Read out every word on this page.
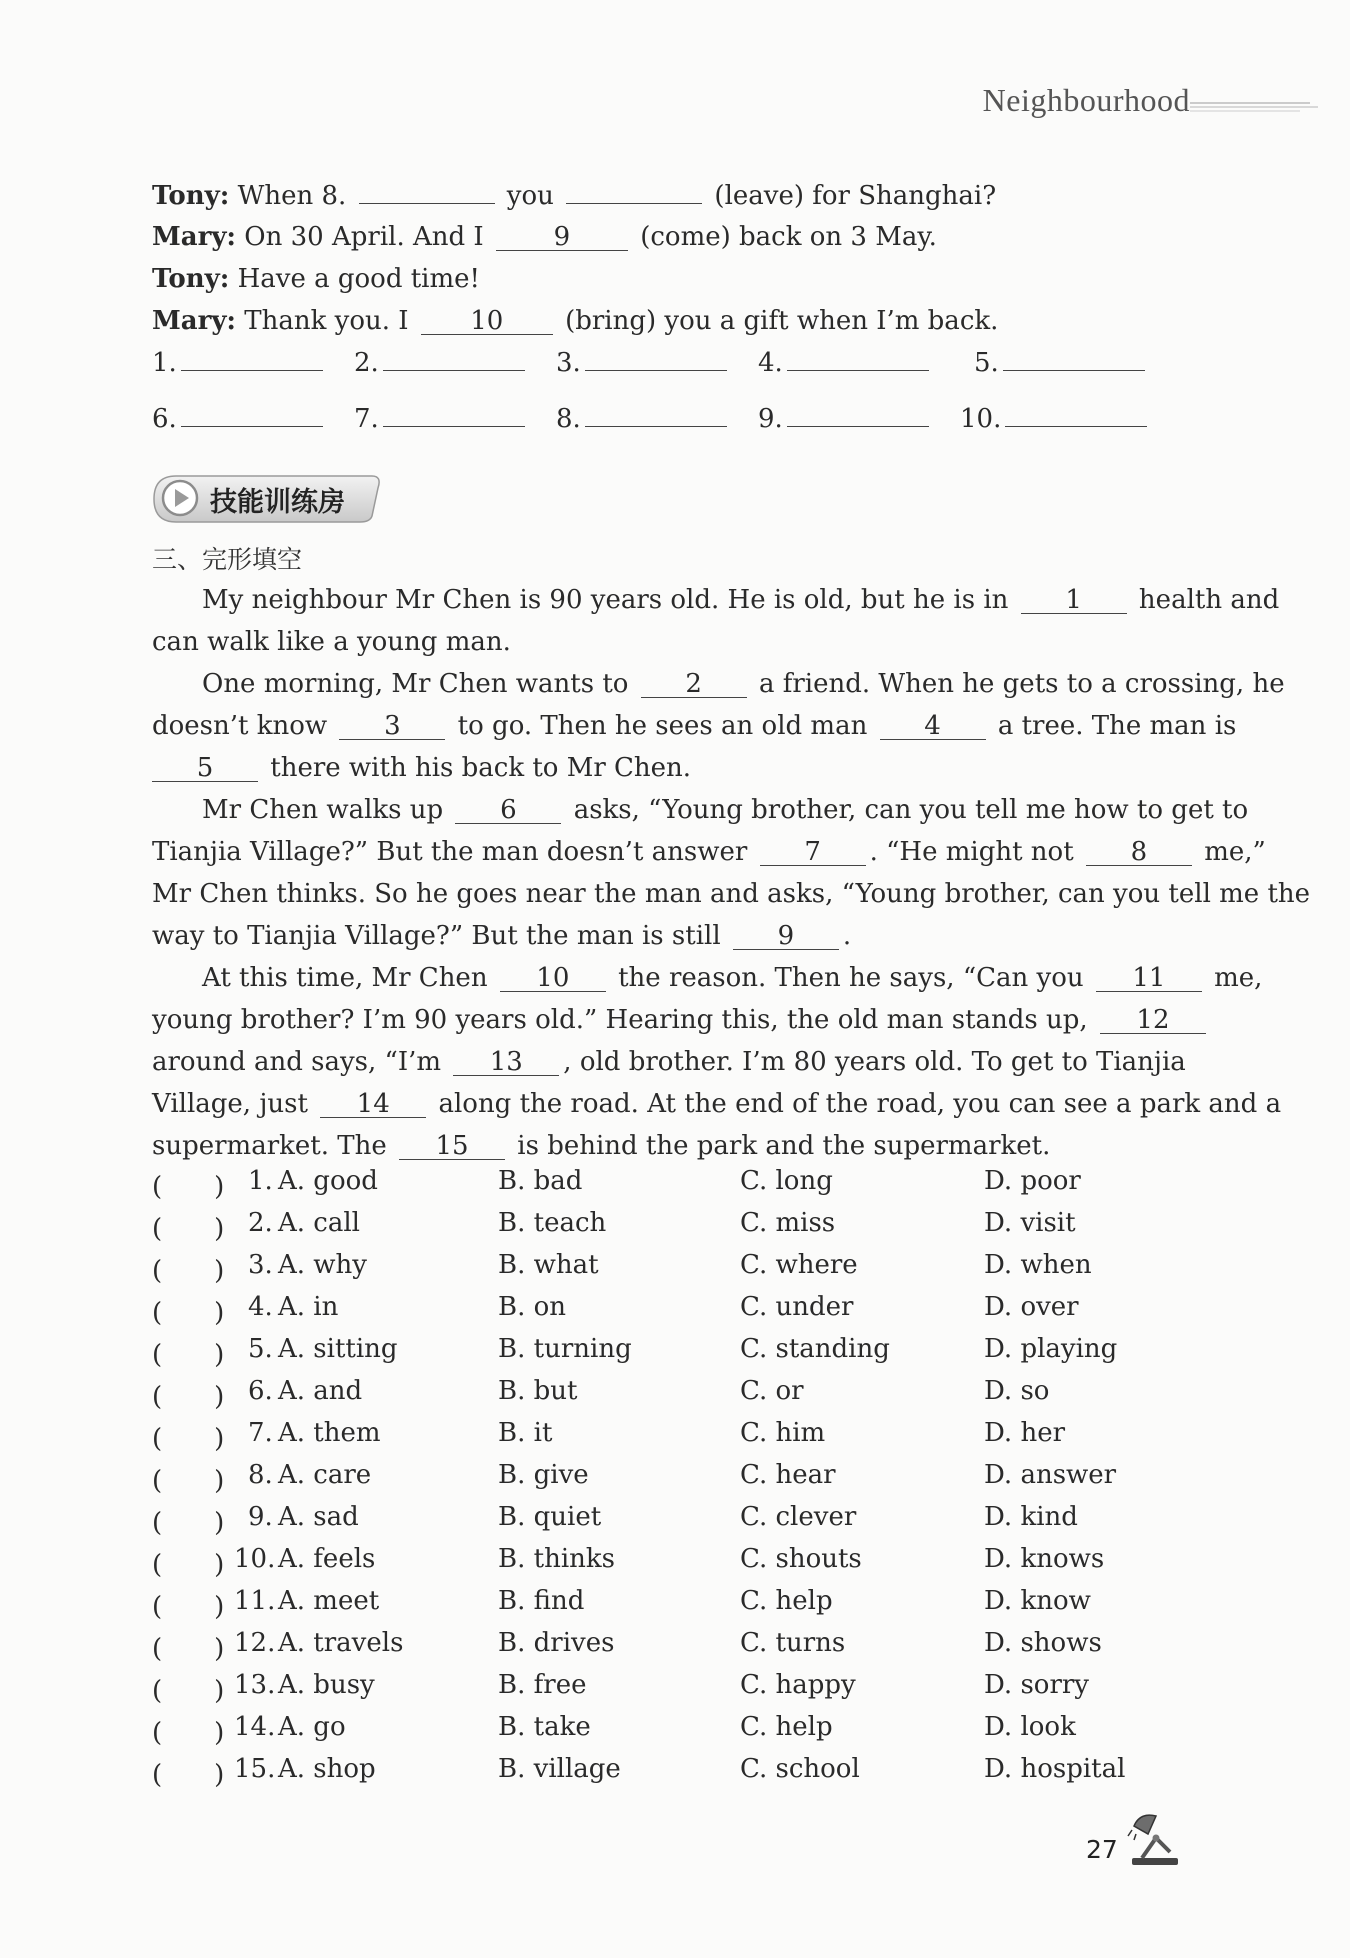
Neighbourhood
Tony: When 8.	you	(leave) for Shanghai?
Mary: On 30 April. And I 9 (come) back on 3 May.
Tony: Have a good time!
Mary: Thank you. I 10 (bring) you a gift when I’m back.
1.	2.	3.	4.	5.
6.	7.	8.	9.	10.
技能训练房
三、完形填空
My neighbour Mr Chen is 90 years old. He is old, but he is in 1 health and
can walk like a young man.
One morning, Mr Chen wants to 2 a friend. When he gets to a crossing, he
doesn’t know 3 to go. Then he sees an old man 4 a tree. The man is
5 there with his back to Mr Chen.
Mr Chen walks up 6 asks, “Young brother, can you tell me how to get to
Tianjia Village?” But the man doesn’t answer 7 . “He might not 8 me,”
Mr Chen thinks. So he goes near the man and asks, “Young brother, can you tell me the
way to Tianjia Village?” But the man is still 9 .
At this time, Mr Chen 10 the reason. Then he says, “Can you 11 me,
young brother? I’m 90 years old.” Hearing this, the old man stands up, 12
around and says, “I’m 13 , old brother. I’m 80 years old. To get to Tianjia
Village, just 14 along the road. At the end of the road, you can see a park and a
supermarket. The 15 is behind the park and the supermarket.
(　　) 1. A. good	B. bad	C. long	D. poor
(　　) 2. A. call	B. teach	C. miss	D. visit
(　　) 3. A. why	B. what	C. where	D. when
(　　) 4. A. in	B. on	C. under	D. over
(　　) 5. A. sitting	B. turning	C. standing	D. playing
(　　) 6. A. and	B. but	C. or	D. so
(　　) 7. A. them	B. it	C. him	D. her
(　　) 8. A. care	B. give	C. hear	D. answer
(　　) 9. A. sad	B. quiet	C. clever	D. kind
(　　) 10. A. feels	B. thinks	C. shouts	D. knows
(　　) 11. A. meet	B. find	C. help	D. know
(　　) 12. A. travels	B. drives	C. turns	D. shows
(　　) 13. A. busy	B. free	C. happy	D. sorry
(　　) 14. A. go	B. take	C. help	D. look
(　　) 15. A. shop	B. village	C. school	D. hospital
27
